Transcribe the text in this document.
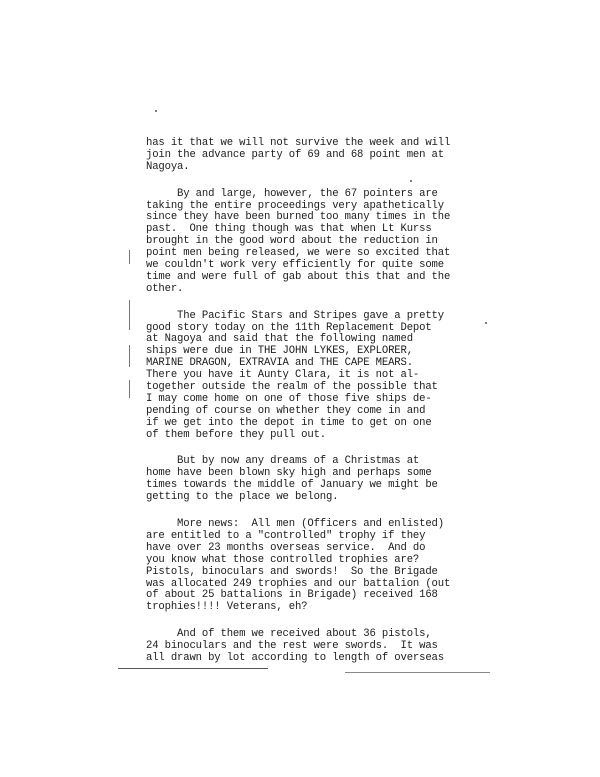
has it that we will not survive the week and will
join the advance party of 69 and 68 point men at
Nagoya.
By and large, however, the 67 pointers are
taking the entire proceedings very apathetically
since they have been burned too many times in the
past.  One thing though was that when Lt Kurss
brought in the good word about the reduction in
point men being released, we were so excited that
we couldn't work very efficiently for quite some
time and were full of gab about this that and the
other.
The Pacific Stars and Stripes gave a pretty
good story today on the 11th Replacement Depot
at Nagoya and said that the following named
ships were due in THE JOHN LYKES, EXPLORER,
MARINE DRAGON, EXTRAVIA and THE CAPE MEARS.
There you have it Aunty Clara, it is not al-
together outside the realm of the possible that
I may come home on one of those five ships de-
pending of course on whether they come in and
if we get into the depot in time to get on one
of them before they pull out.
But by now any dreams of a Christmas at
home have been blown sky high and perhaps some
times towards the middle of January we might be
getting to the place we belong.
More news:  All men (Officers and enlisted)
are entitled to a "controlled" trophy if they
have over 23 months overseas service.  And do
you know what those controlled trophies are?
Pistols, binoculars and swords!  So the Brigade
was allocated 249 trophies and our battalion (out
of about 25 battalions in Brigade) received 168
trophies!!!! Veterans, eh?
And of them we received about 36 pistols,
24 binoculars and the rest were swords.  It was
all drawn by lot according to length of overseas
